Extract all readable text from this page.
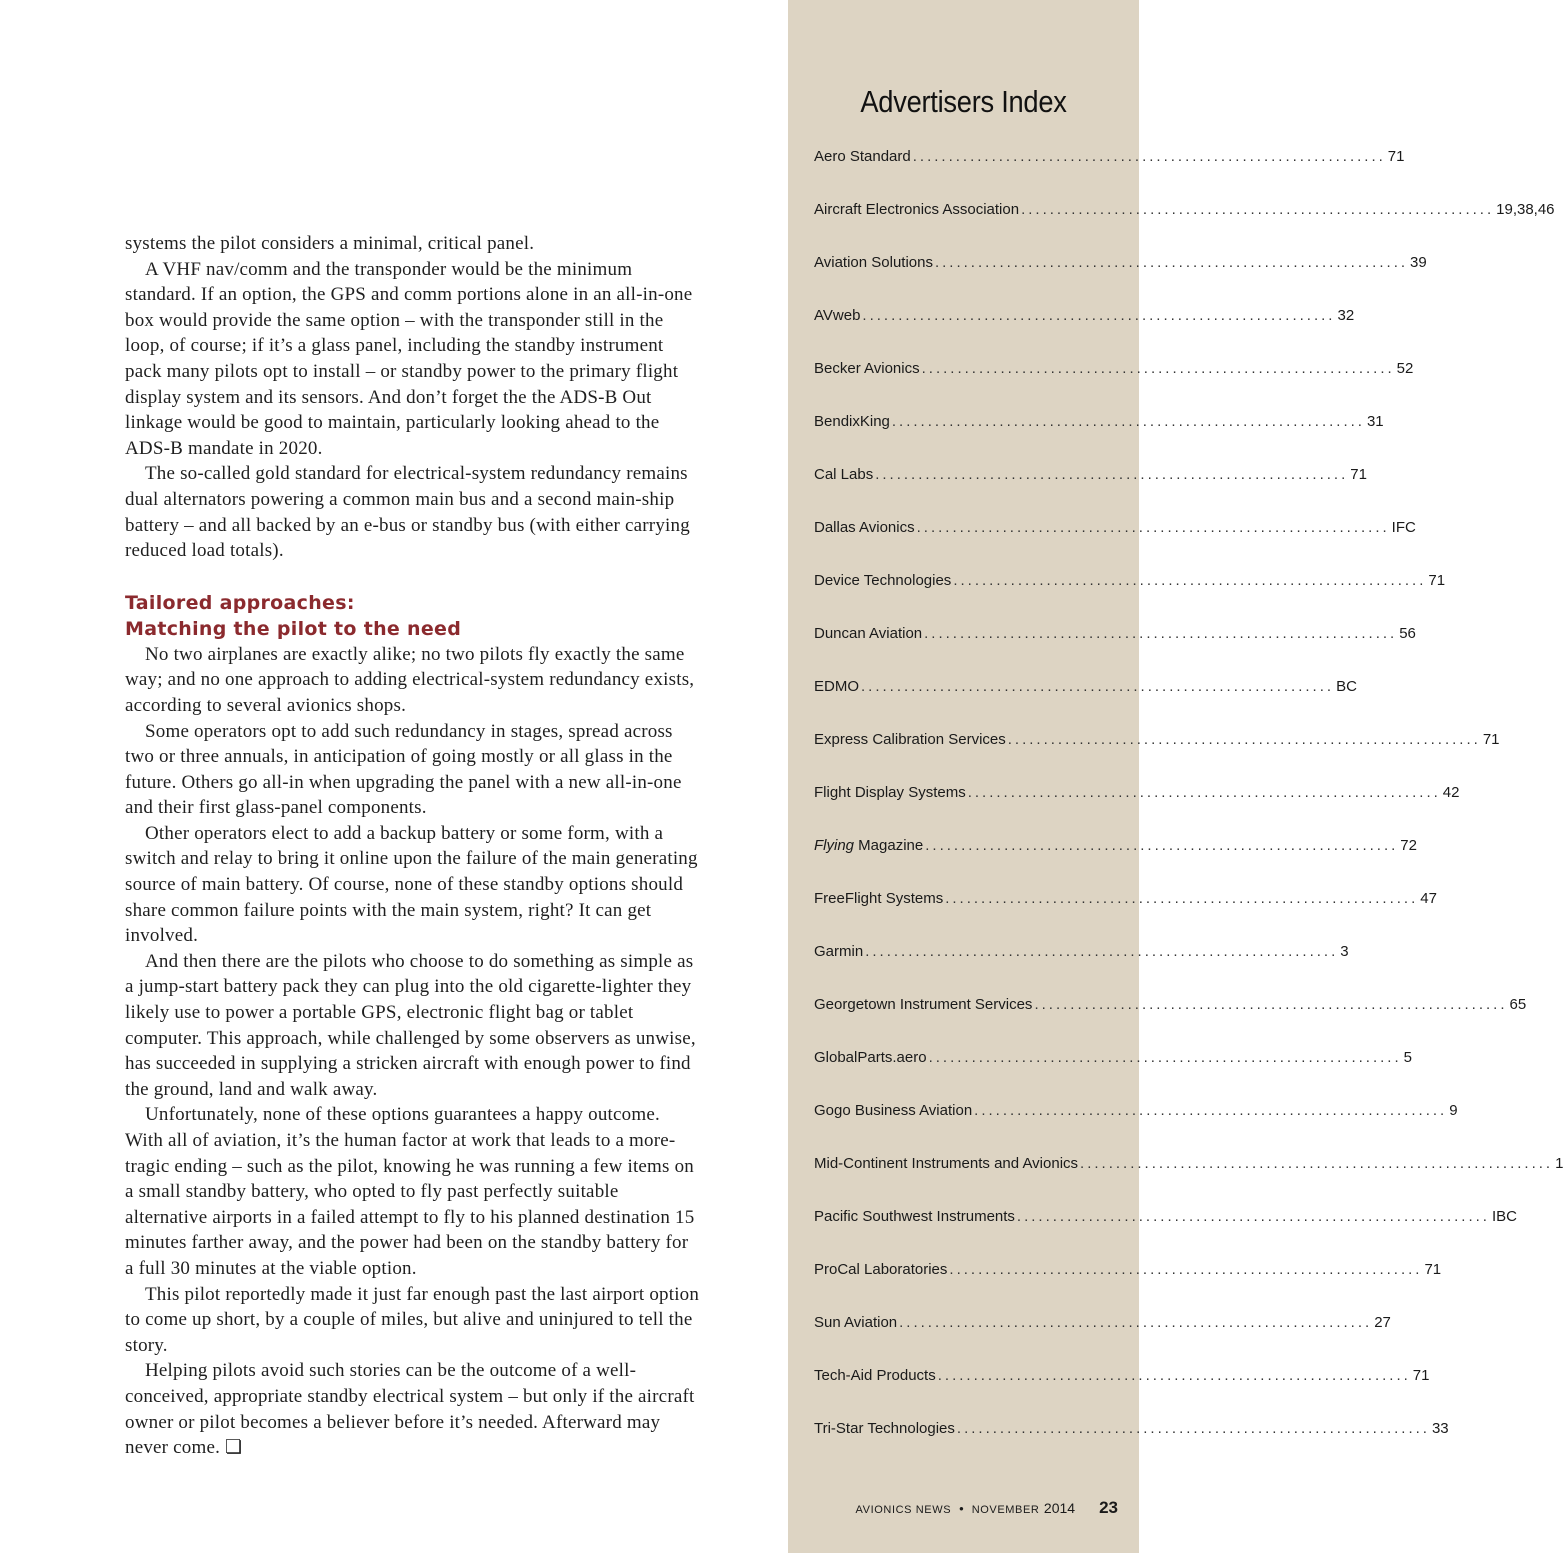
systems the pilot considers a minimal, critical panel.

A VHF nav/comm and the transponder would be the minimum standard. If an option, the GPS and comm portions alone in an all-in-one box would provide the same option – with the transponder still in the loop, of course; if it’s a glass panel, including the standby instrument pack many pilots opt to install – or standby power to the primary flight display system and its sensors. And don’t forget the the ADS-B Out linkage would be good to maintain, particularly looking ahead to the ADS-B mandate in 2020.

The so-called gold standard for electrical-system redundancy remains dual alternators powering a common main bus and a second main-ship battery – and all backed by an e-bus or standby bus (with either carrying reduced load totals).

Tailored approaches:
Matching the pilot to the need

No two airplanes are exactly alike; no two pilots fly exactly the same way; and no one approach to adding electrical-system redundancy exists, according to several avionics shops.

Some operators opt to add such redundancy in stages, spread across two or three annuals, in anticipation of going mostly or all glass in the future. Others go all-in when upgrading the panel with a new all-in-one and their first glass-panel components.

Other operators elect to add a backup battery or some form, with a switch and relay to bring it online upon the failure of the main generating source of main battery. Of course, none of these standby options should share common failure points with the main system, right? It can get involved.

And then there are the pilots who choose to do something as simple as a jump-start battery pack they can plug into the old cigarette-lighter they likely use to power a portable GPS, electronic flight bag or tablet computer. This approach, while challenged by some observers as unwise, has succeeded in supplying a stricken aircraft with enough power to find the ground, land and walk away.

Unfortunately, none of these options guarantees a happy outcome. With all of aviation, it’s the human factor at work that leads to a more-tragic ending – such as the pilot, knowing he was running a few items on a small standby battery, who opted to fly past perfectly suitable alternative airports in a failed attempt to fly to his planned destination 15 minutes farther away, and the power had been on the standby battery for a full 30 minutes at the viable option.

This pilot reportedly made it just far enough past the last airport option to come up short, by a couple of miles, but alive and uninjured to tell the story.

Helping pilots avoid such stories can be the outcome of a well-conceived, appropriate standby electrical system – but only if the aircraft owner or pilot becomes a believer before it’s needed. Afterward may never come. ❏

Advertisers Index
Aero Standard .................................................................. 71
Aircraft Electronics Association .................................................................. 19,38,46
Aviation Solutions .................................................................. 39
AVweb .................................................................. 32
Becker Avionics .................................................................. 52
BendixKing .................................................................. 31
Cal Labs .................................................................. 71
Dallas Avionics .................................................................. IFC
Device Technologies .................................................................. 71
Duncan Aviation .................................................................. 56
EDMO .................................................................. BC
Express Calibration Services .................................................................. 71
Flight Display Systems .................................................................. 42
Flying Magazine .................................................................. 72
FreeFlight Systems .................................................................. 47
Garmin .................................................................. 3
Georgetown Instrument Services .................................................................. 65
GlobalParts.aero .................................................................. 5
Gogo Business Aviation .................................................................. 9
Mid-Continent Instruments and Avionics .................................................................. 1
Pacific Southwest Instruments .................................................................. IBC
ProCal Laboratories .................................................................. 71
Sun Aviation .................................................................. 27
Tech-Aid Products .................................................................. 71
Tri-Star Technologies .................................................................. 33
AVIONICS NEWS • NOVEMBER 2014 23
